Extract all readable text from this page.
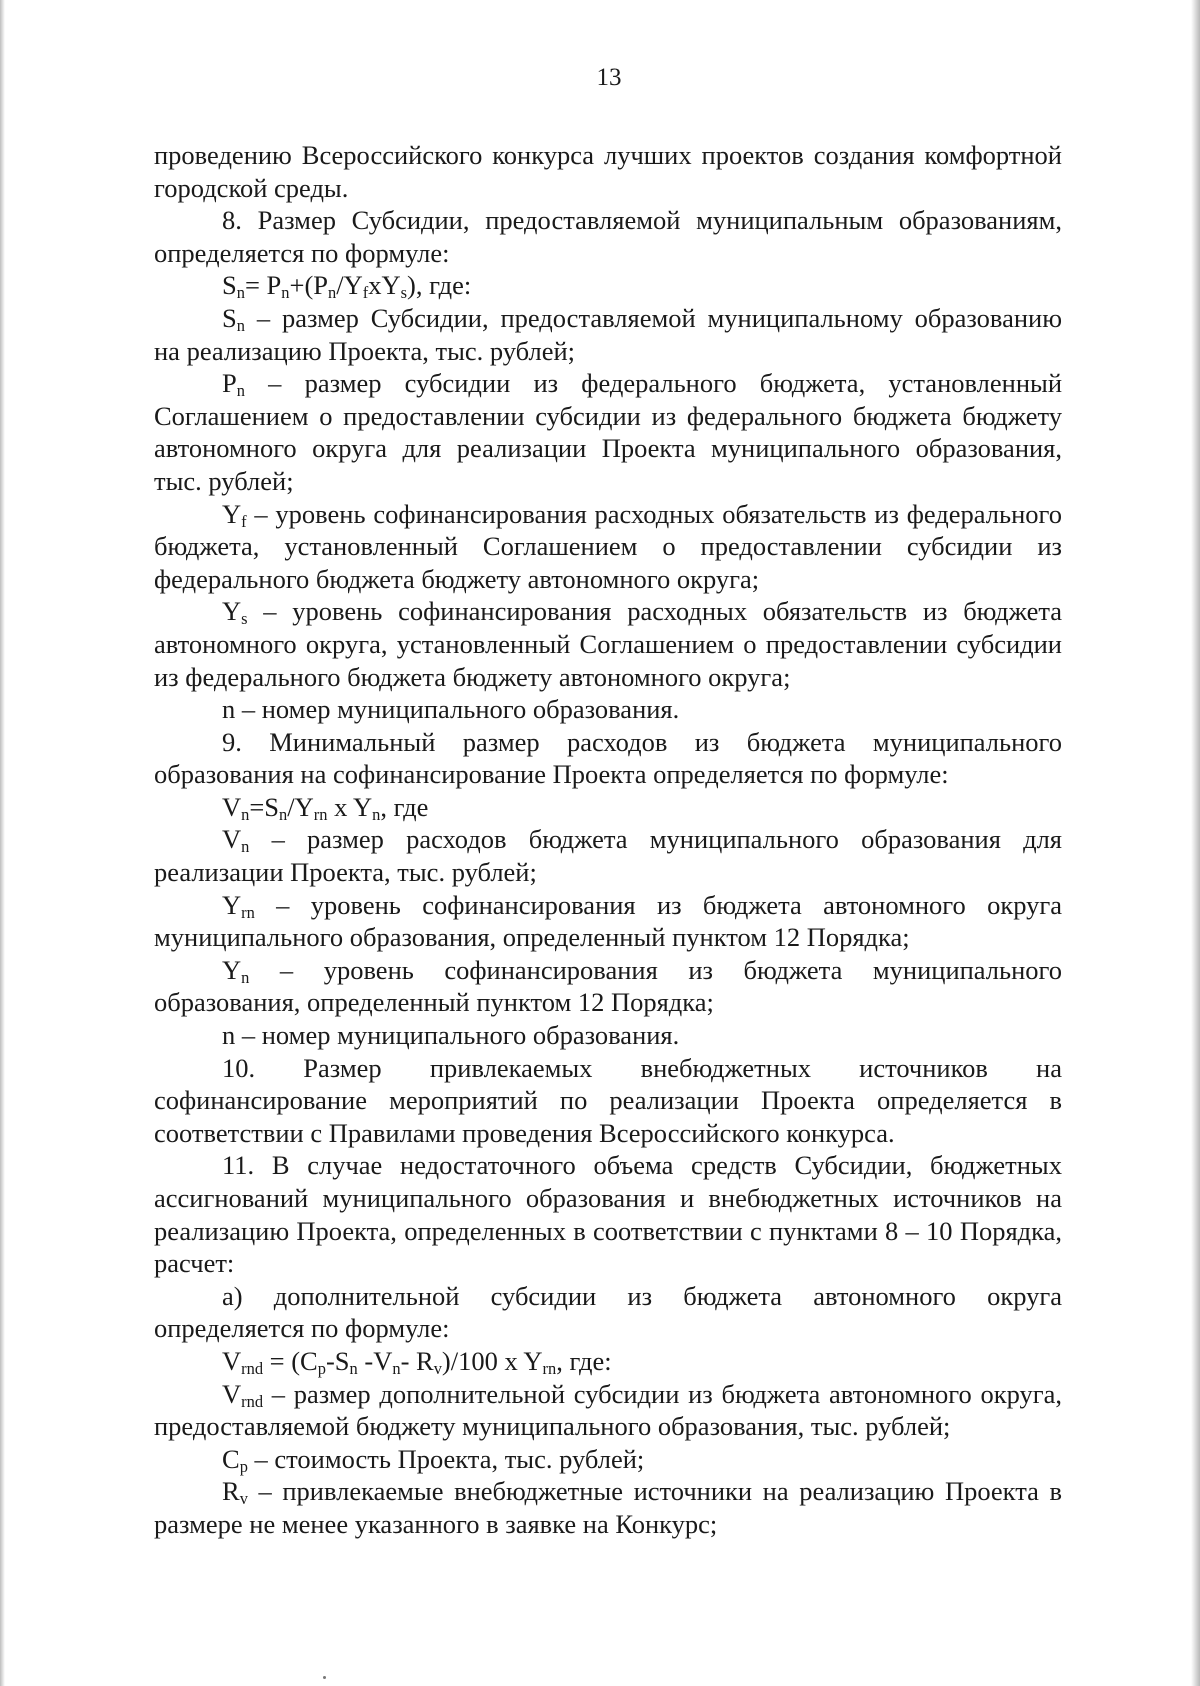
13

проведению Всероссийского конкурса лучших проектов создания комфортной городской среды.

8. Размер Субсидии, предоставляемой муниципальным образованиям, определяется по формуле:

$S_n= P_n+(P_n/Y_fxY_s)$, где:

$S_n$ – размер Субсидии, предоставляемой муниципальному образованию на реализацию Проекта, тыс. рублей;

$P_n$ – размер субсидии из федерального бюджета, установленный Соглашением о предоставлении субсидии из федерального бюджета бюджету автономного округа для реализации Проекта муниципального образования, тыс. рублей;

$Y_f$ – уровень софинансирования расходных обязательств из федерального бюджета, установленный Соглашением о предоставлении субсидии из федерального бюджета бюджету автономного округа;

$Y_s$ – уровень софинансирования расходных обязательств из бюджета автономного округа, установленный Соглашением о предоставлении субсидии из федерального бюджета бюджету автономного округа;

n – номер муниципального образования.

9. Минимальный размер расходов из бюджета муниципального образования на софинансирование Проекта определяется по формуле:

$V_n=S_n/Y_{rn}$ x $Y_n$, где

$V_n$ – размер расходов бюджета муниципального образования для реализации Проекта, тыс. рублей;

$Y_{rn}$ – уровень софинансирования из бюджета автономного округа муниципального образования, определенный пунктом 12 Порядка;

$Y_n$ – уровень софинансирования из бюджета муниципального образования, определенный пунктом 12 Порядка;

n – номер муниципального образования.

10. Размер привлекаемых внебюджетных источников на софинансирование мероприятий по реализации Проекта определяется в соответствии с Правилами проведения Всероссийского конкурса.

11. В случае недостаточного объема средств Субсидии, бюджетных ассигнований муниципального образования и внебюджетных источников на реализацию Проекта, определенных в соответствии с пунктами 8 – 10 Порядка, расчет:

а) дополнительной субсидии из бюджета автономного округа определяется по формуле:

$V_{rnd} = (C_p-S_n$ $-V_n-$ $R_v)/100$ x $Y_{rn}$, где:

$V_{rnd}$ – размер дополнительной субсидии из бюджета автономного округа, предоставляемой бюджету муниципального образования, тыс. рублей;

$C_p$ – стоимость Проекта, тыс. рублей;

$R_v$ – привлекаемые внебюджетные источники на реализацию Проекта в размере не менее указанного в заявке на Конкурс;
